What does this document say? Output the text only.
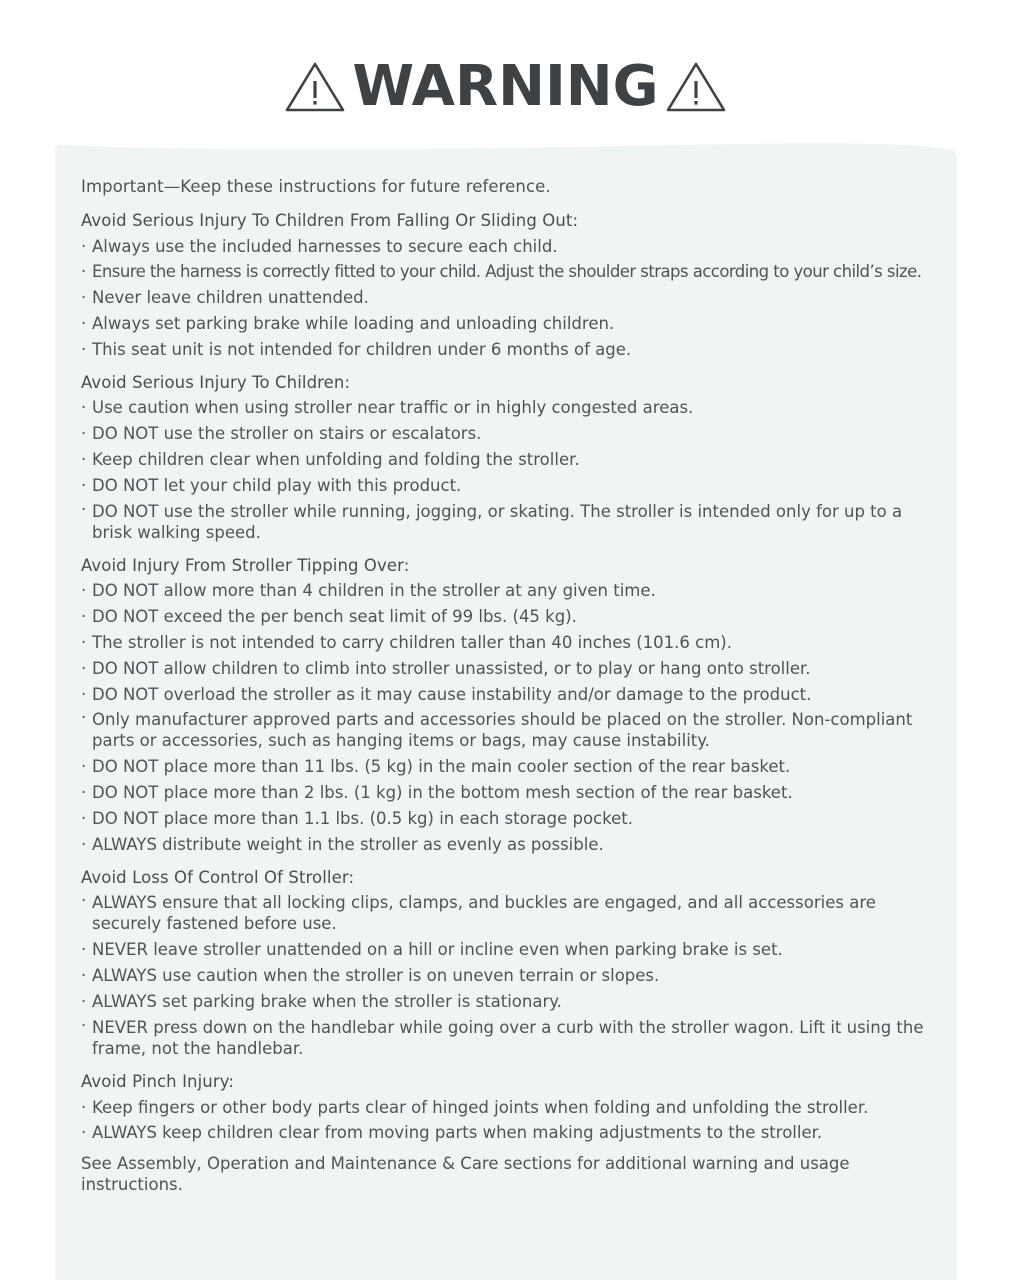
WARNING

Important—Keep these instructions for future reference.

Avoid Serious Injury To Children From Falling Or Sliding Out:

· Always use the included harnesses to secure each child.
· Ensure the harness is correctly fitted to your child. Adjust the shoulder straps according to your child’s size.
· Never leave children unattended.
· Always set parking brake while loading and unloading children.
· This seat unit is not intended for children under 6 months of age.

Avoid Serious Injury To Children:

· Use caution when using stroller near traffic or in highly congested areas.
· DO NOT use the stroller on stairs or escalators.
· Keep children clear when unfolding and folding the stroller.
· DO NOT let your child play with this product.
· DO NOT use the stroller while running, jogging, or skating. The stroller is intended only for up to a brisk walking speed.

Avoid Injury From Stroller Tipping Over:

· DO NOT allow more than 4 children in the stroller at any given time.
· DO NOT exceed the per bench seat limit of 99 lbs. (45 kg).
· The stroller is not intended to carry children taller than 40 inches (101.6 cm).
· DO NOT allow children to climb into stroller unassisted, or to play or hang onto stroller.
· DO NOT overload the stroller as it may cause instability and/or damage to the product.
· Only manufacturer approved parts and accessories should be placed on the stroller. Non-compliant parts or accessories, such as hanging items or bags, may cause instability.
· DO NOT place more than 11 lbs. (5 kg) in the main cooler section of the rear basket.
· DO NOT place more than 2 lbs. (1 kg) in the bottom mesh section of the rear basket.
· DO NOT place more than 1.1 lbs. (0.5 kg) in each storage pocket.
· ALWAYS distribute weight in the stroller as evenly as possible.

Avoid Loss Of Control Of Stroller:

· ALWAYS ensure that all locking clips, clamps, and buckles are engaged, and all accessories are securely fastened before use.
· NEVER leave stroller unattended on a hill or incline even when parking brake is set.
· ALWAYS use caution when the stroller is on uneven terrain or slopes.
· ALWAYS set parking brake when the stroller is stationary.
· NEVER press down on the handlebar while going over a curb with the stroller wagon. Lift it using the frame, not the handlebar.

Avoid Pinch Injury:

· Keep fingers or other body parts clear of hinged joints when folding and unfolding the stroller.
· ALWAYS keep children clear from moving parts when making adjustments to the stroller.

See Assembly, Operation and Maintenance & Care sections for additional warning and usage instructions.
